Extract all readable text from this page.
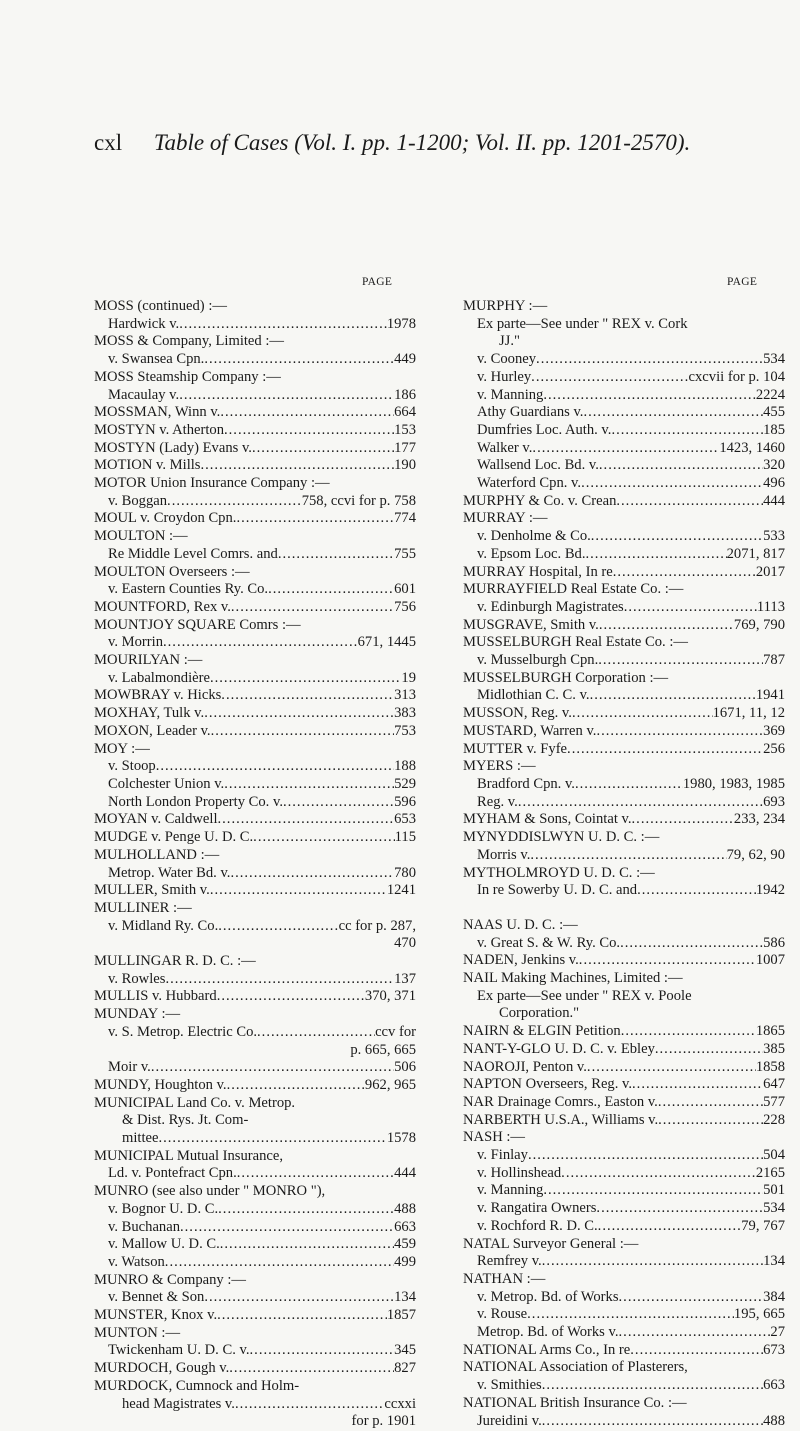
cxl Table of Cases (Vol. I. pp. 1-1200; Vol. II. pp. 1201-2570).
PAGE	PAGE
MOSS (continued) :—
Hardwick v. .....	1978
MOSS & Company, Limited :—
v. Swansea Cpn. .....	449
MOSS Steamship Company :—
Macaulay v. .....	186
MOSSMAN, Winn v. .....	664
MOSTYN v. Atherton .....	153
MOSTYN (Lady) Evans v. .....	177
MOTION v. Mills .....	190
MOTOR Union Insurance Company :—
v. Boggan .....	758, ccvi for p. 758
MOUL v. Croydon Cpn. .....	774
MOULTON :—
Re Middle Level Comrs. and .....	755
MOULTON Overseers :—
v. Eastern Counties Ry. Co. .....	601
MOUNTFORD, Rex v. .....	756
MOUNTJOY SQUARE Comrs :—
v. Morrin .....	671, 1445
MOURILYAN :—
v. Labalmondière .....	19
MOWBRAY v. Hicks .....	313
MOXHAY, Tulk v. .....	383
MOXON, Leader v. .....	753
MOY :—
v. Stoop .....	188
Colchester Union v. .....	529
North London Property Co. v. .....	596
MOYAN v. Caldwell .....	653
MUDGE v. Penge U. D. C. .....	115
MULHOLLAND :—
Metrop. Water Bd. v. .....	780
MULLER, Smith v. .....	1241
MULLINER :—
v. Midland Ry. Co. .....	cc for p. 287,
470
MULLINGAR R. D. C. :—
v. Rowles .....	137
MULLIS v. Hubbard .....	370, 371
MUNDAY :—
v. S. Metrop. Electric Co. .....	ccv for
p. 665, 665
Moir v. .....	506
MUNDY, Houghton v. .....	962, 965
MUNICIPAL Land Co. v. Metrop.
& Dist. Rys. Jt. Com-
mittee .....	1578
MUNICIPAL Mutual Insurance,
Ld. v. Pontefract Cpn. .....	444
MUNRO (see also under " MONRO "),
v. Bognor U. D. C. .....	488
v. Buchanan .....	663
v. Mallow U. D. C. .....	459
v. Watson .....	499
MUNRO & Company :—
v. Bennet & Son .....	134
MUNSTER, Knox v. .....	1857
MUNTON :—
Twickenham U. D. C. v. .....	345
MURDOCH, Gough v. .....	827
MURDOCK, Cumnock and Holm-
head Magistrates v. .....	ccxxi
for p. 1901
MURPHY :—
Ex parte—See under " REX v. Cork
JJ."
v. Cooney .....	534
v. Hurley .....	cxcvii for p. 104
v. Manning .....	2224
Athy Guardians v. .....	455
Dumfries Loc. Auth. v. .....	185
Walker v. .....	1423, 1460
Wallsend Loc. Bd. v. .....	320
Waterford Cpn. v. .....	496
MURPHY & Co. v. Crean .....	444
MURRAY :—
v. Denholme & Co. .....	533
v. Epsom Loc. Bd. .....	2071, 817
MURRAY Hospital, In re .....	2017
MURRAYFIELD Real Estate Co. :—
v. Edinburgh Magistrates .....	1113
MUSGRAVE, Smith v. .....	769, 790
MUSSELBURGH Real Estate Co. :—
v. Musselburgh Cpn. .....	787
MUSSELBURGH Corporation :—
Midlothian C. C. v. .....	1941
MUSSON, Reg. v. .....	1671, 11, 12
MUSTARD, Warren v. .....	369
MUTTER v. Fyfe .....	256
MYERS :—
Bradford Cpn. v. .....	1980, 1983, 1985
Reg. v. .....	693
MYHAM & Sons, Cointat v. .....	233, 234
MYNYDDISLWYN U. D. C. :—
Morris v. .....	79, 62, 90
MYTHOLMROYD U. D. C. :—
In re Sowerby U. D. C. and .....	1942
NAAS U. D. C. :—
v. Great S. & W. Ry. Co. .....	586
NADEN, Jenkins v. .....	1007
NAIL Making Machines, Limited :—
Ex parte—See under " REX v. Poole
Corporation."
NAIRN & ELGIN Petition .....	1865
NANT-Y-GLO U. D. C. v. Ebley .....	385
NAOROJI, Penton v. .....	1858
NAPTON Overseers, Reg. v. .....	647
NAR Drainage Comrs., Easton v. .....	577
NARBERTH U.S.A., Williams v. .....	228
NASH :—
v. Finlay .....	504
v. Hollinshead .....	2165
v. Manning .....	501
v. Rangatira Owners .....	534
v. Rochford R. D. C. .....	79, 767
NATAL Surveyor General :—
Remfrey v. .....	134
NATHAN :—
v. Metrop. Bd. of Works .....	384
v. Rouse .....	195, 665
Metrop. Bd. of Works v. .....	27
NATIONAL Arms Co., In re .....	673
NATIONAL Association of Plasterers,
v. Smithies .....	663
NATIONAL British Insurance Co. :—
Jureidini v. .....	488
